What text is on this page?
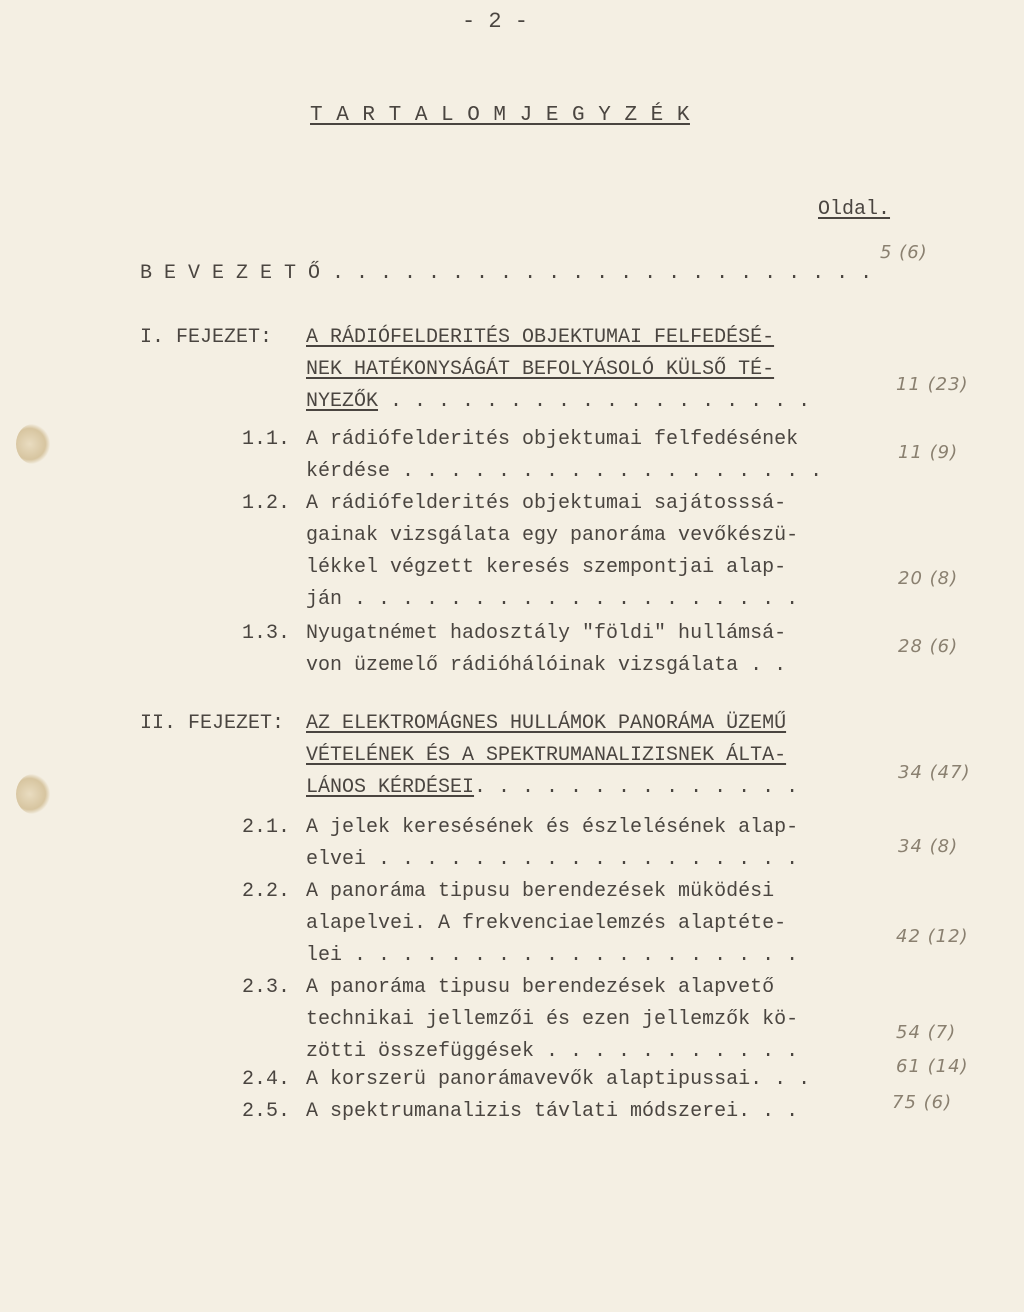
- 2 -
T A R T A L O M J E G Y Z É K
Oldal.
B E V E Z E T Ő . . . . . . . . . . . . . . . . . . . . . . .
5 (6)
I. FEJEZET: A RÁDIÓFELDERITÉS OBJEKTUMAI FELFEDÉSÉ-
NEK HATÉKONYSÁGÁT BEFOLYÁSOLÓ KÜLSŐ TÉ-
NYEZŐK . . . . . . . . . . . . . . . . . .
11 (23)
1.1. A rádiófelderités objektumai felfedésének
kérdése . . . . . . . . . . . . . . . . . .
11 (9)
1.2. A rádiófelderités objektumai sajátosssá-
gainak vizsgálata egy panoráma vevőkészü-
lékkel végzett keresés szempontjai alap-
ján . . . . . . . . . . . . . . . . . . .
20 (8)
1.3. Nyugatnémet hadosztály "földi" hullámsá-
von üzemelő rádióhálóinak vizsgálata . .
28 (6)
II. FEJEZET: AZ ELEKTROMÁGNES HULLÁMOK PANORÁMA ÜZEMŰ
VÉTELÉNEK ÉS A SPEKTRUMANALIZISNEK ÁLTA-
LÁNOS KÉRDÉSEI. . . . . . . . . . . . . .
34 (47)
2.1. A jelek keresésének és észlelésének alap-
elvei . . . . . . . . . . . . . . . . . .
34 (8)
2.2. A panoráma tipusu berendezések müködési
alapelvei. A frekvenciaelemzés alaptéte-
lei . . . . . . . . . . . . . . . . . . .
42 (12)
2.3. A panoráma tipusu berendezések alapvető
technikai jellemzői és ezen jellemzők kö-
zötti összefüggések . . . . . . . . . . .
54 (7)
2.4. A korszerü panorámavevők alaptipussai. . .
61 (14)
2.5. A spektrumanalizis távlati módszerei. . .	75 (6)
